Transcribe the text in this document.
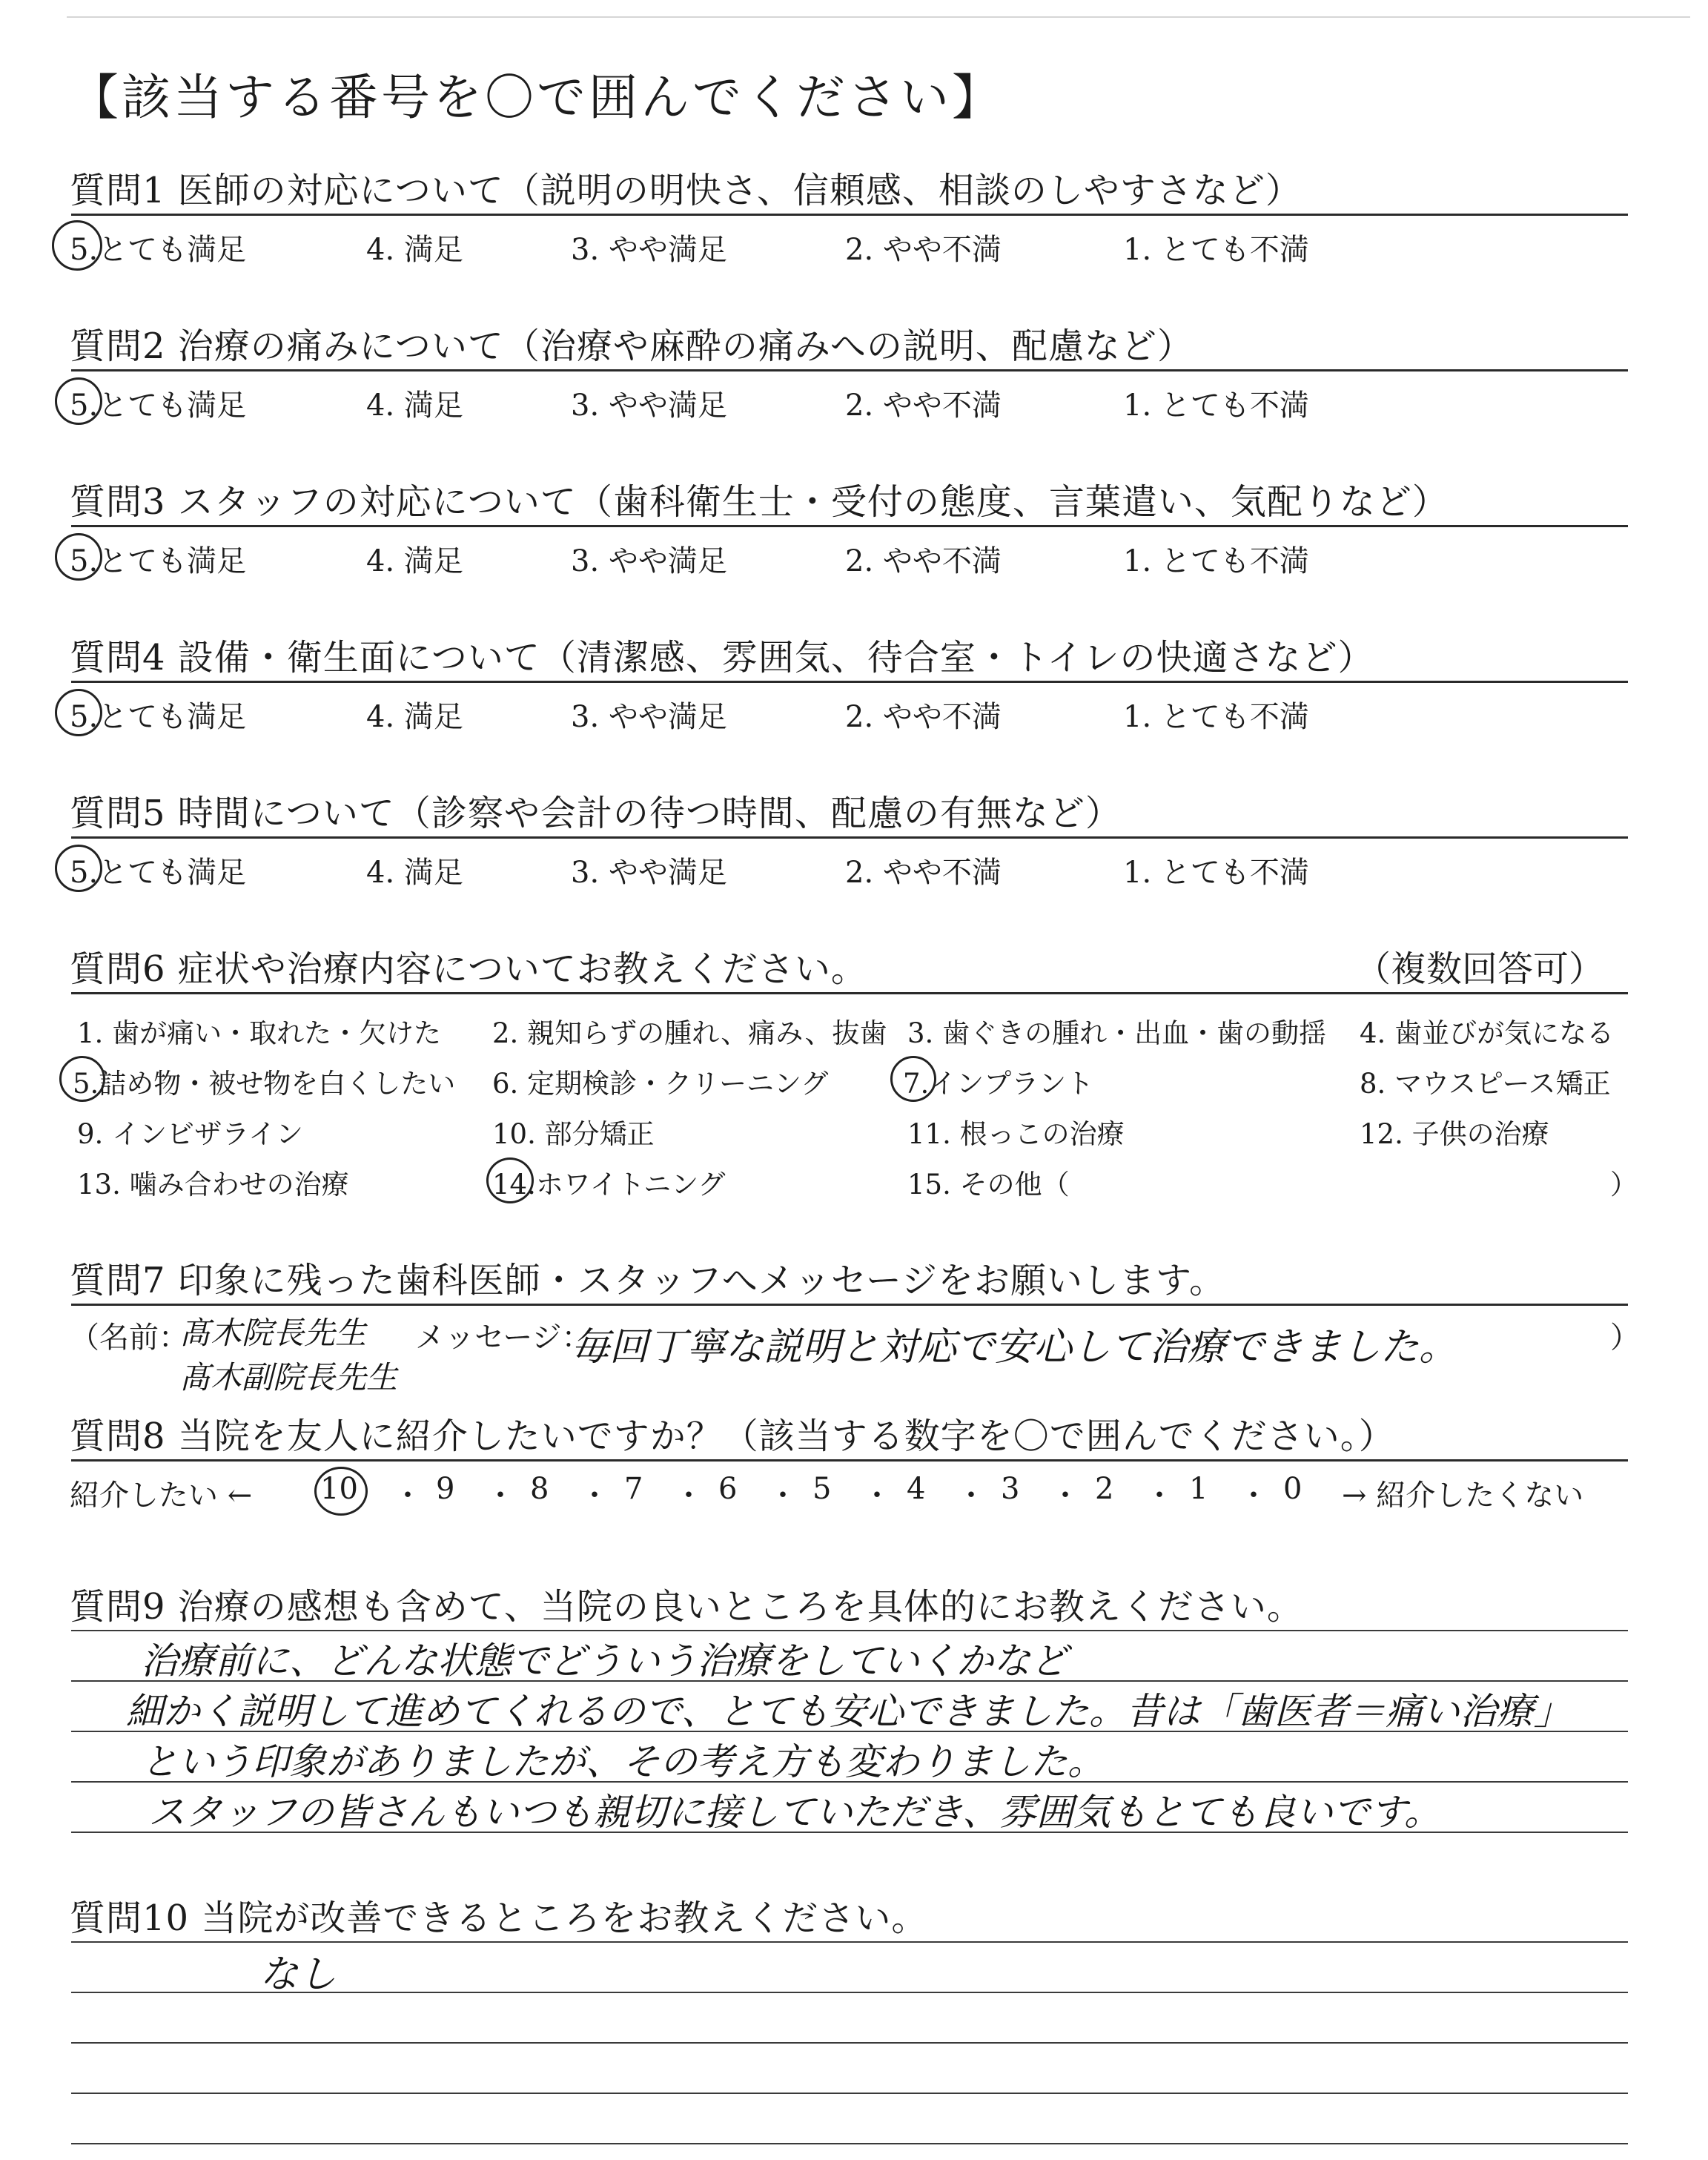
【該当する番号を〇で囲んでください】
質問1 医師の対応について（説明の明快さ、信頼感、相談のしやすさなど）
5.とても満足	4. 満足	3. やや満足	2. やや不満	1. とても不満
質問2 治療の痛みについて（治療や麻酔の痛みへの説明、配慮など）
5.とても満足	4. 満足	3. やや満足	2. やや不満	1. とても不満
質問3 スタッフの対応について（歯科衛生士・受付の態度、言葉遣い、気配りなど）
5.とても満足	4. 満足	3. やや満足	2. やや不満	1. とても不満
質問4 設備・衛生面について（清潔感、雰囲気、待合室・トイレの快適さなど）
5.とても満足	4. 満足	3. やや満足	2. やや不満	1. とても不満
質問5 時間について（診察や会計の待つ時間、配慮の有無など）
5.とても満足	4. 満足	3. やや満足	2. やや不満	1. とても不満
質問6 症状や治療内容についてお教えください。	（複数回答可）
1. 歯が痛い・取れた・欠けた 2. 親知らずの腫れ、痛み、抜歯 3. 歯ぐきの腫れ・出血・歯の動揺 4. 歯並びが気になる
5.詰め物・被せ物を白くしたい 6. 定期検診・クリーニング	7.インプラント	8. マウスピース矯正
9. インビザライン	10. 部分矯正	11. 根っこの治療	12. 子供の治療
13. 噛み合わせの治療	14.ホワイトニング	15. その他（	）
質問7 印象に残った歯科医師・スタッフへメッセージをお願いします。
（名前：
髙木院長先生
髙木副院長先生
メッセージ：
毎回丁寧な説明と対応で安心して治療できました。	）
質問8 当院を友人に紹介したいですか？（該当する数字を〇で囲んでください。）
紹介したい ← 10 ・ 9 ・ 8 ・ 7 ・ 6 ・ 5 ・ 4 ・ 3 ・ 2 ・ 1 ・ 0 → 紹介したくない
質問9 治療の感想も含めて、当院の良いところを具体的にお教えください。
治療前に、どんな状態でどういう治療をしていくかなど
細かく説明して進めてくれるので、とても安心できました。昔は「歯医者＝痛い治療」
という印象がありましたが、その考え方も変わりました。
スタッフの皆さんもいつも親切に接していただき、雰囲気もとても良いです。
質問10 当院が改善できるところをお教えください。
なし
